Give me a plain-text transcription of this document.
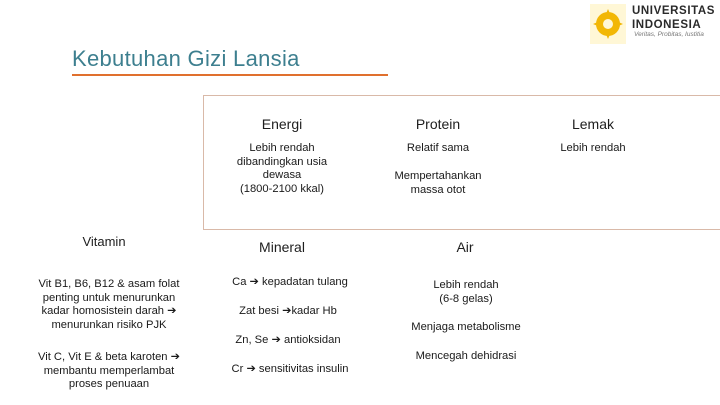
UNIVERSITAS
INDONESIA
Veritas, Probitas, Iustitia
Kebutuhan Gizi Lansia
Energi
Lebih rendah
dibandingkan usia
dewasa
(1800-2100 kkal)
Protein
Relatif sama
Mempertahankan
massa otot
Lemak
Lebih rendah
Vitamin
Vit B1, B6, B12 & asam folat
penting untuk menurunkan
kadar homosistein darah ➔
menurunkan risiko PJK
Vit C, Vit E & beta karoten ➔
membantu memperlambat
proses penuaan
Mineral
Ca ➔ kepadatan tulang
Zat besi ➔kadar Hb
Zn, Se ➔ antioksidan
Cr ➔ sensitivitas insulin
Air
Lebih rendah
(6-8 gelas)
Menjaga metabolisme
Mencegah dehidrasi
